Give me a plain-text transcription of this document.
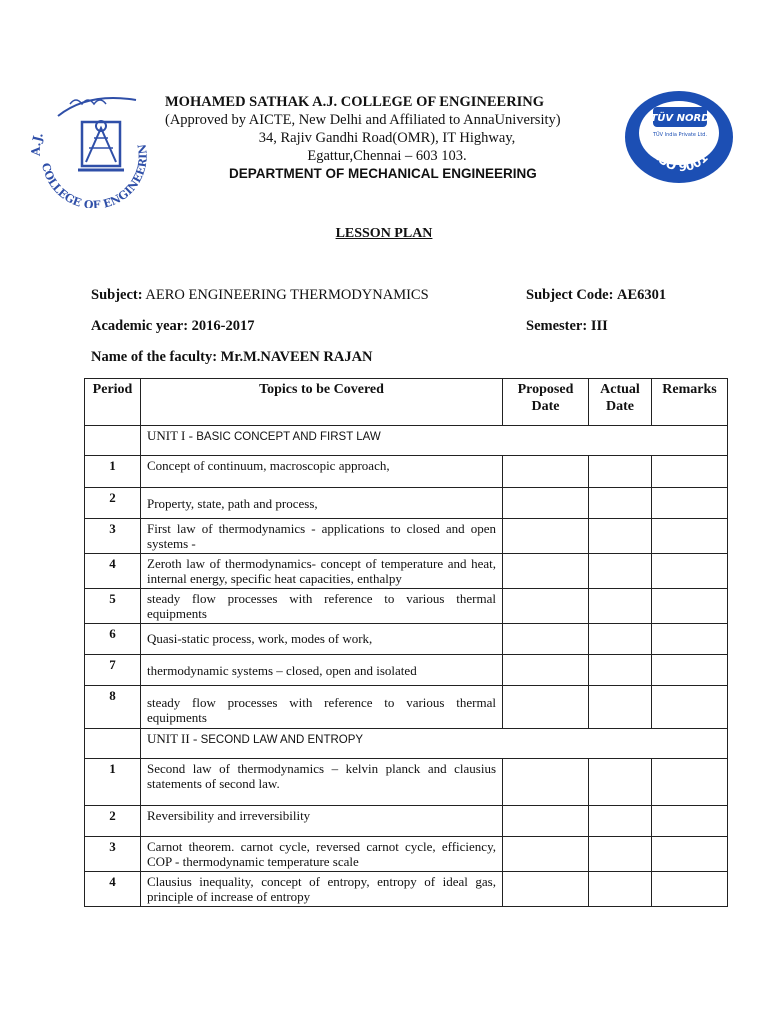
A.J.
COLLEGE OF ENGINEERIN
TÜV NORD
TÜV India Private Ltd.
ISO 9001
MOHAMED SATHAK A.J. COLLEGE OF ENGINEERING
(Approved by AICTE, New Delhi and Affiliated to AnnaUniversity)
34, Rajiv Gandhi Road(OMR), IT Highway,
Egattur,Chennai – 603 103.
DEPARTMENT OF MECHANICAL ENGINEERING
LESSON PLAN
Subject: AERO ENGINEERING THERMODYNAMICS	Subject Code: AE6301
Academic year: 2016-2017	Semester: III
Name of the faculty: Mr.M.NAVEEN RAJAN
Period	Topics to be Covered	Proposed Date	Actual Date	Remarks
	UNIT I - BASIC CONCEPT AND FIRST LAW			
1	Concept of continuum, macroscopic approach,			
2	Property, state, path and process,			
3	First law of thermodynamics - applications to closed and open systems -			
4	Zeroth law of thermodynamics- concept of temperature and heat, internal energy, specific heat capacities, enthalpy			
5	steady flow processes with reference to various thermal equipments			
6	Quasi-static process, work, modes of work,			
7	thermodynamic systems – closed, open and isolated			
8	steady flow processes with reference to various thermal equipments			
	UNIT II - SECOND LAW AND ENTROPY			
1	Second law of thermodynamics – kelvin planck and clausius statements of second law.			
2	Reversibility and irreversibility			
3	Carnot theorem. carnot cycle, reversed carnot cycle, efficiency, COP - thermodynamic temperature scale			
4	Clausius inequality, concept of entropy, entropy of ideal gas, principle of increase of entropy			
